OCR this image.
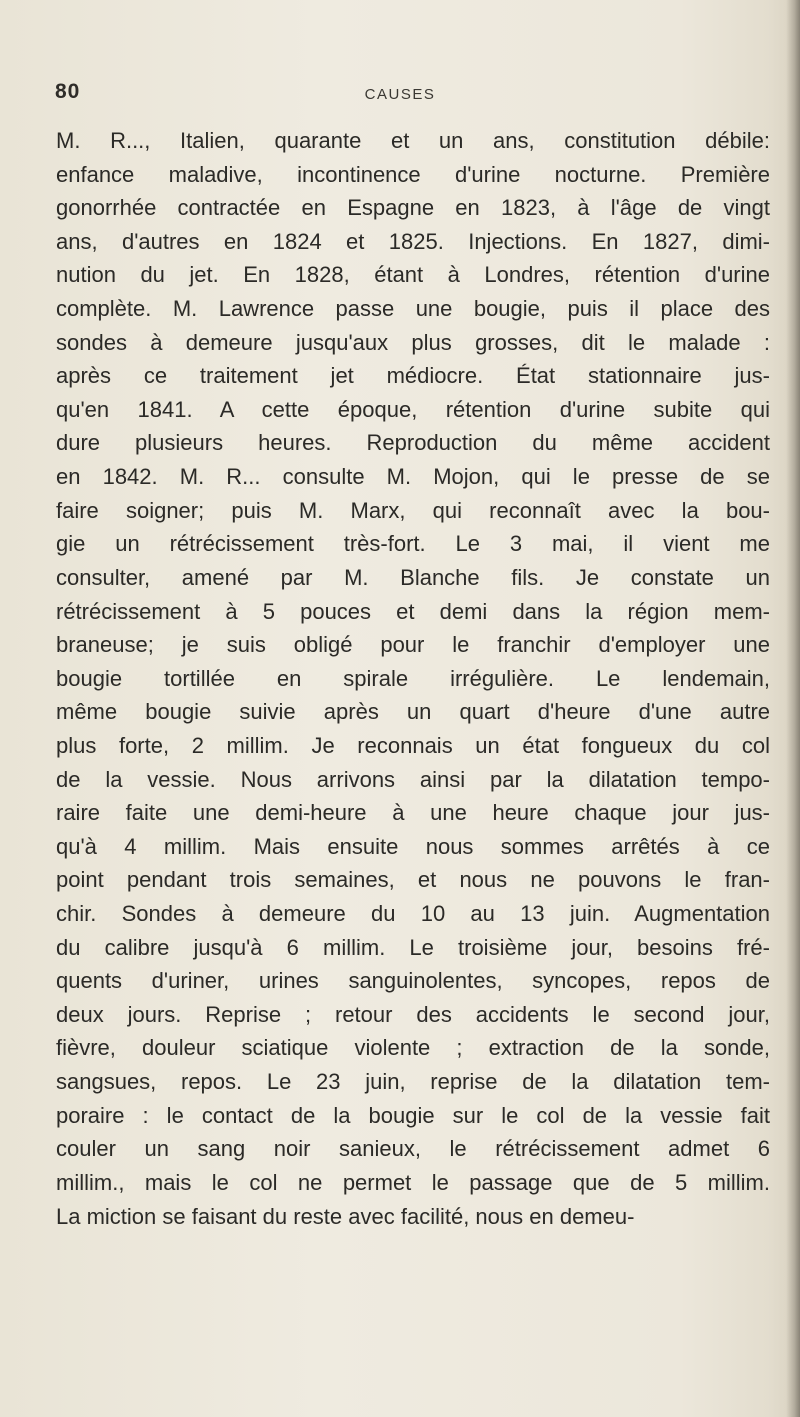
80	CAUSES
M. R..., Italien, quarante et un ans, constitution débile:
enfance maladive, incontinence d'urine nocturne. Première
gonorrhée contractée en Espagne en 1823, à l'âge de vingt
ans, d'autres en 1824 et 1825. Injections. En 1827, dimi-
nution du jet. En 1828, étant à Londres, rétention d'urine
complète. M. Lawrence passe une bougie, puis il place des
sondes à demeure jusqu'aux plus grosses, dit le malade :
après ce traitement jet médiocre. État stationnaire jus-
qu'en 1841. A cette époque, rétention d'urine subite qui
dure plusieurs heures. Reproduction du même accident
en 1842. M. R... consulte M. Mojon, qui le presse de se
faire soigner; puis M. Marx, qui reconnaît avec la bou-
gie un rétrécissement très-fort. Le 3 mai, il vient me
consulter, amené par M. Blanche fils. Je constate un
rétrécissement à 5 pouces et demi dans la région mem-
braneuse; je suis obligé pour le franchir d'employer une
bougie tortillée en spirale irrégulière. Le lendemain,
même bougie suivie après un quart d'heure d'une autre
plus forte, 2 millim. Je reconnais un état fongueux du col
de la vessie. Nous arrivons ainsi par la dilatation tempo-
raire faite une demi-heure à une heure chaque jour jus-
qu'à 4 millim. Mais ensuite nous sommes arrêtés à ce
point pendant trois semaines, et nous ne pouvons le fran-
chir. Sondes à demeure du 10 au 13 juin. Augmentation
du calibre jusqu'à 6 millim. Le troisième jour, besoins fré-
quents d'uriner, urines sanguinolentes, syncopes, repos de
deux jours. Reprise ; retour des accidents le second jour,
fièvre, douleur sciatique violente ; extraction de la sonde,
sangsues, repos. Le 23 juin, reprise de la dilatation tem-
poraire : le contact de la bougie sur le col de la vessie fait
couler un sang noir sanieux, le rétrécissement admet 6
millim., mais le col ne permet le passage que de 5 millim.
La miction se faisant du reste avec facilité, nous en demeu-
